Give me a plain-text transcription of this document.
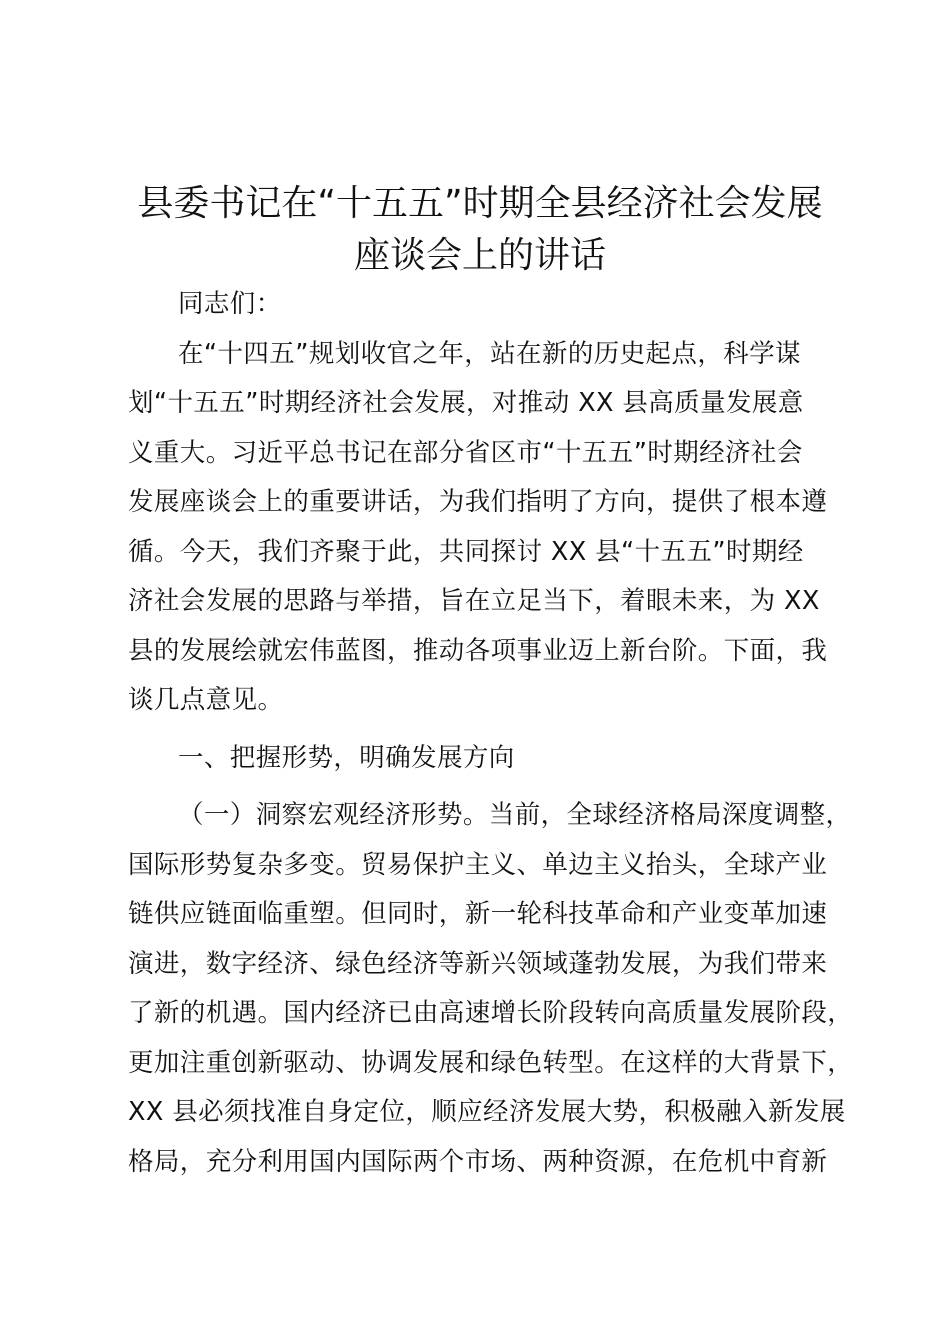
县委书记在“十五五”时期全县经济社会发展
座谈会上的讲话
同志们：
在“十四五”规划收官之年，站在新的历史起点，科学谋
划“十五五”时期经济社会发展，对推动 XX 县高质量发展意
义重大。习近平总书记在部分省区市“十五五”时期经济社会
发展座谈会上的重要讲话，为我们指明了方向，提供了根本遵
循。今天，我们齐聚于此，共同探讨 XX 县“十五五”时期经
济社会发展的思路与举措，旨在立足当下，着眼未来，为 XX
县的发展绘就宏伟蓝图，推动各项事业迈上新台阶。下面，我
谈几点意见。
一、把握形势，明确发展方向
（一）洞察宏观经济形势。当前，全球经济格局深度调整，
国际形势复杂多变。贸易保护主义、单边主义抬头，全球产业
链供应链面临重塑。但同时，新一轮科技革命和产业变革加速
演进，数字经济、绿色经济等新兴领域蓬勃发展，为我们带来
了新的机遇。国内经济已由高速增长阶段转向高质量发展阶段，
更加注重创新驱动、协调发展和绿色转型。在这样的大背景下，
XX 县必须找准自身定位，顺应经济发展大势，积极融入新发展
格局，充分利用国内国际两个市场、两种资源，在危机中育新
